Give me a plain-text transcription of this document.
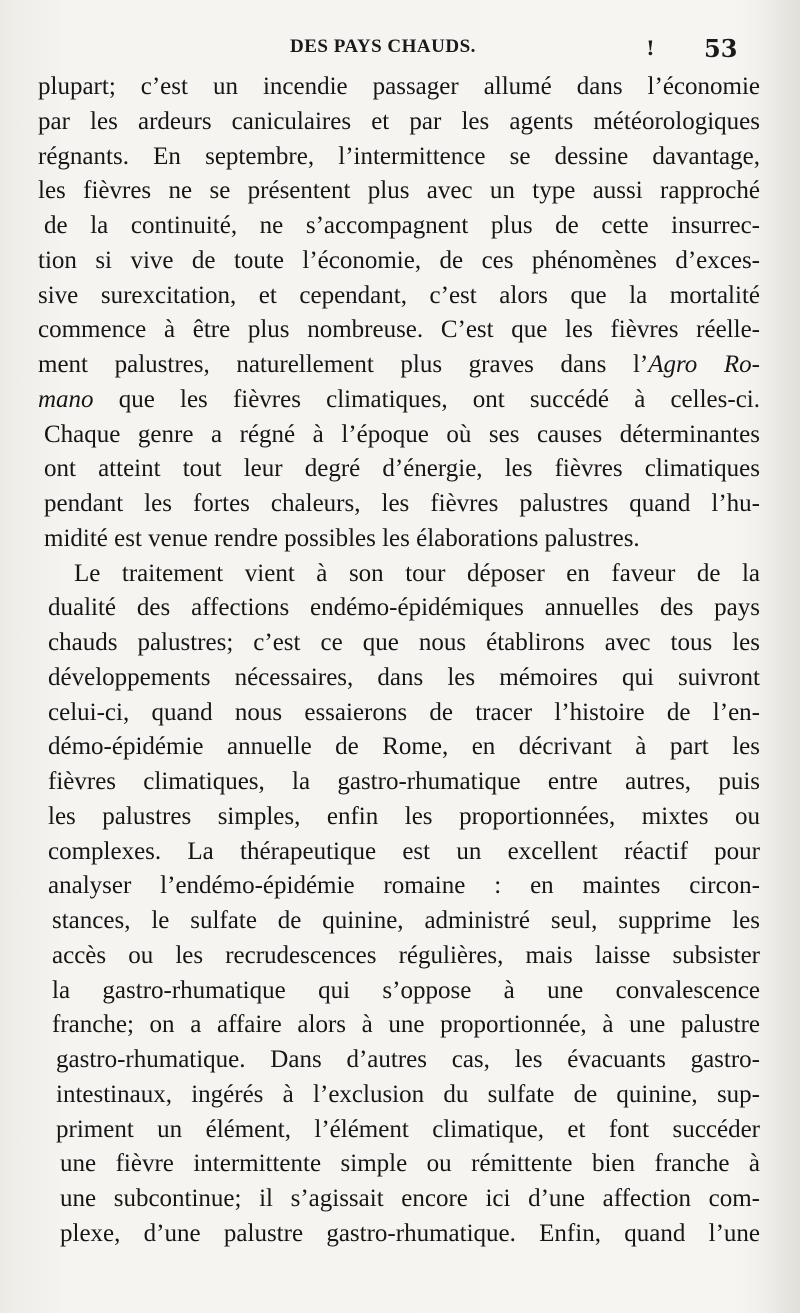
DES PAYS CHAUDS.	! 53
plupart; c’est un incendie passager allumé dans l’économie
par les ardeurs caniculaires et par les agents météorologiques
régnants. En septembre, l’intermittence se dessine davantage,
les fièvres ne se présentent plus avec un type aussi rapproché
de la continuité, ne s’accompagnent plus de cette insurrec-
tion si vive de toute l’économie, de ces phénomènes d’exces-
sive surexcitation, et cependant, c’est alors que la mortalité
commence à être plus nombreuse. C’est que les fièvres réelle-
ment palustres, naturellement plus graves dans l’Agro Ro-
mano que les fièvres climatiques, ont succédé à celles-ci.
Chaque genre a régné à l’époque où ses causes déterminantes
ont atteint tout leur degré d’énergie, les fièvres climatiques
pendant les fortes chaleurs, les fièvres palustres quand l’hu-
midité est venue rendre possibles les élaborations palustres.
Le traitement vient à son tour déposer en faveur de la
dualité des affections endémo-épidémiques annuelles des pays
chauds palustres; c’est ce que nous établirons avec tous les
développements nécessaires, dans les mémoires qui suivront
celui-ci, quand nous essaierons de tracer l’histoire de l’en-
démo-épidémie annuelle de Rome, en décrivant à part les
fièvres climatiques, la gastro-rhumatique entre autres, puis
les palustres simples, enfin les proportionnées, mixtes ou
complexes. La thérapeutique est un excellent réactif pour
analyser l’endémo-épidémie romaine : en maintes circon-
stances, le sulfate de quinine, administré seul, supprime les
accès ou les recrudescences régulières, mais laisse subsister
la gastro-rhumatique qui s’oppose à une convalescence
franche; on a affaire alors à une proportionnée, à une palustre
gastro-rhumatique. Dans d’autres cas, les évacuants gastro-
intestinaux, ingérés à l’exclusion du sulfate de quinine, sup-
priment un élément, l’élément climatique, et font succéder
une fièvre intermittente simple ou rémittente bien franche à
une subcontinue; il s’agissait encore ici d’une affection com-
plexe, d’une palustre gastro-rhumatique. Enfin, quand l’une
